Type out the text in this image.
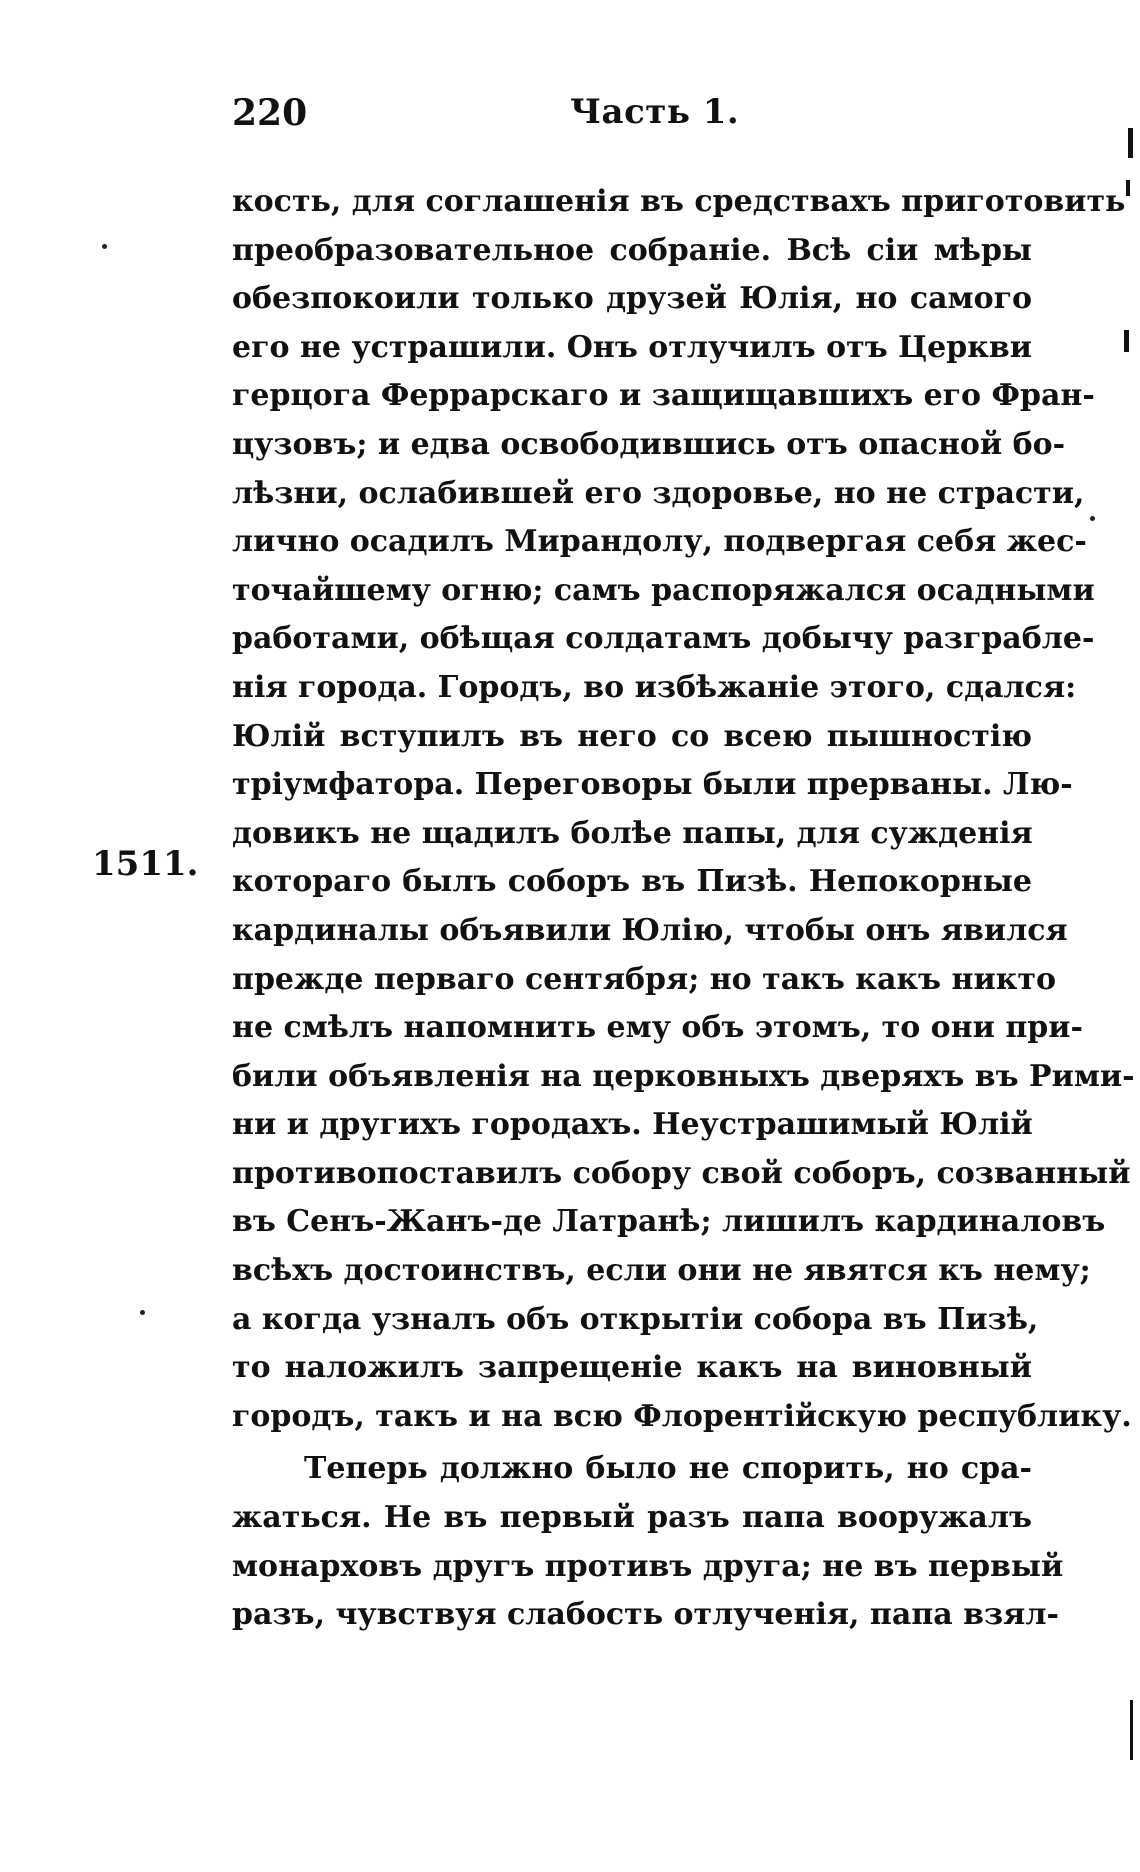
220	Часть 1.
1511.
кость, для соглашенія въ средствахъ приготовить
преобразовательное собраніе. Всѣ сіи мѣры
обезпокоили только друзей Юлія, но самого
его не устрашили. Онъ отлучилъ отъ Церкви
герцога Феррарскаго и защищавшихъ его Фран-
цузовъ; и едва освободившись отъ опасной бо-
лѣзни, ослабившей его здоровье, но не страсти,
лично осадилъ Мирандолу, подвергая себя жес-
точайшему огню; самъ распоряжался осадными
работами, обѣщая солдатамъ добычу разграбле-
нія города. Городъ, во избѣжаніе этого, сдался:
Юлій вступилъ въ него со всею пышностію
тріумфатора. Переговоры были прерваны. Лю-
довикъ не щадилъ болѣе папы, для сужденія
котораго былъ соборъ въ Пизѣ. Непокорные
кардиналы объявили Юлію, чтобы онъ явился
прежде перваго сентября; но такъ какъ никто
не смѣлъ напомнить ему объ этомъ, то они при-
били объявленія на церковныхъ дверяхъ въ Рими-
ни и другихъ городахъ. Неустрашимый Юлій
противопоставилъ собору свой соборъ, созванный
въ Сенъ-Жанъ-де Латранѣ; лишилъ кардиналовъ
всѣхъ достоинствъ, если они не явятся къ нему;
а когда узналъ объ открытіи собора въ Пизѣ,
то наложилъ запрещеніе какъ на виновный
городъ, такъ и на всю Флорентійскую республику.
Теперь должно было не спорить, но сра-
жаться. Не въ первый разъ папа вооружалъ
монарховъ другъ противъ друга; не въ первый
разъ, чувствуя слабость отлученія, папа взял-
